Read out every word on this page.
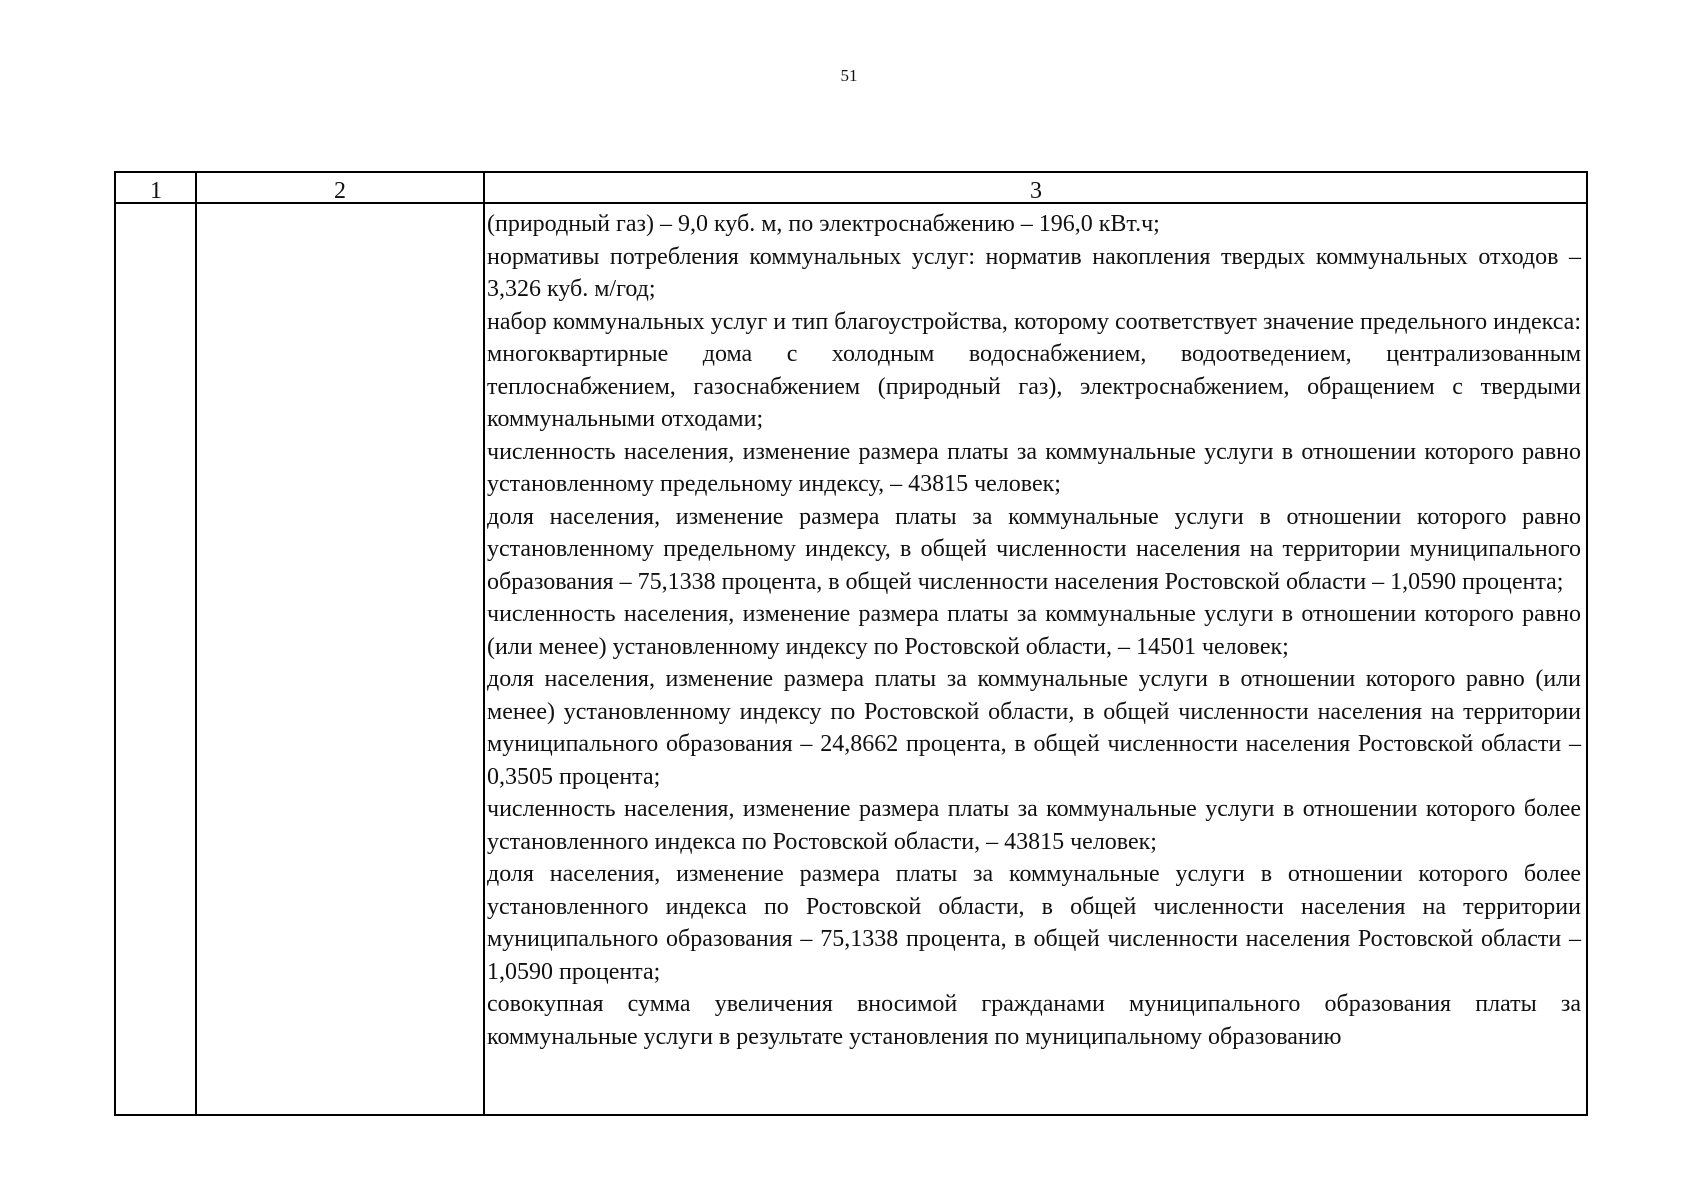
51
1	2	3
(природный газ) – 9,0 куб. м, по электроснабжению – 196,0 кВт.ч;
нормативы потребления коммунальных услуг: норматив накопления твердых коммунальных отходов – 3,326 куб. м/год;
набор коммунальных услуг и тип благоустройства, которому соответствует значение предельного индекса: многоквартирные дома с холодным водоснабжением, водоотведением, централизованным теплоснабжением, газоснабжением (природный газ), электроснабжением, обращением с твердыми коммунальными отходами;
численность населения, изменение размера платы за коммунальные услуги в отношении которого равно установленному предельному индексу, – 43815 человек;
доля населения, изменение размера платы за коммунальные услуги в отношении которого равно установленному предельному индексу, в общей численности населения на территории муниципального образования – 75,1338 процента, в общей численности населения Ростовской области – 1,0590 процента;
численность населения, изменение размера платы за коммунальные услуги в отношении которого равно (или менее) установленному индексу по Ростовской области, – 14501 человек;
доля населения, изменение размера платы за коммунальные услуги в отношении которого равно (или менее) установленному индексу по Ростовской области, в общей численности населения на территории муниципального образования – 24,8662 процента, в общей численности населения Ростовской области – 0,3505 процента;
численность населения, изменение размера платы за коммунальные услуги в отношении которого более установленного индекса по Ростовской области, – 43815 человек;
доля населения, изменение размера платы за коммунальные услуги в отношении которого более установленного индекса по Ростовской области, в общей численности населения на территории муниципального образования – 75,1338 процента, в общей численности населения Ростовской области – 1,0590 процента;
совокупная сумма увеличения вносимой гражданами муниципального образования платы за коммунальные услуги в результате установления по муниципальному образованию
